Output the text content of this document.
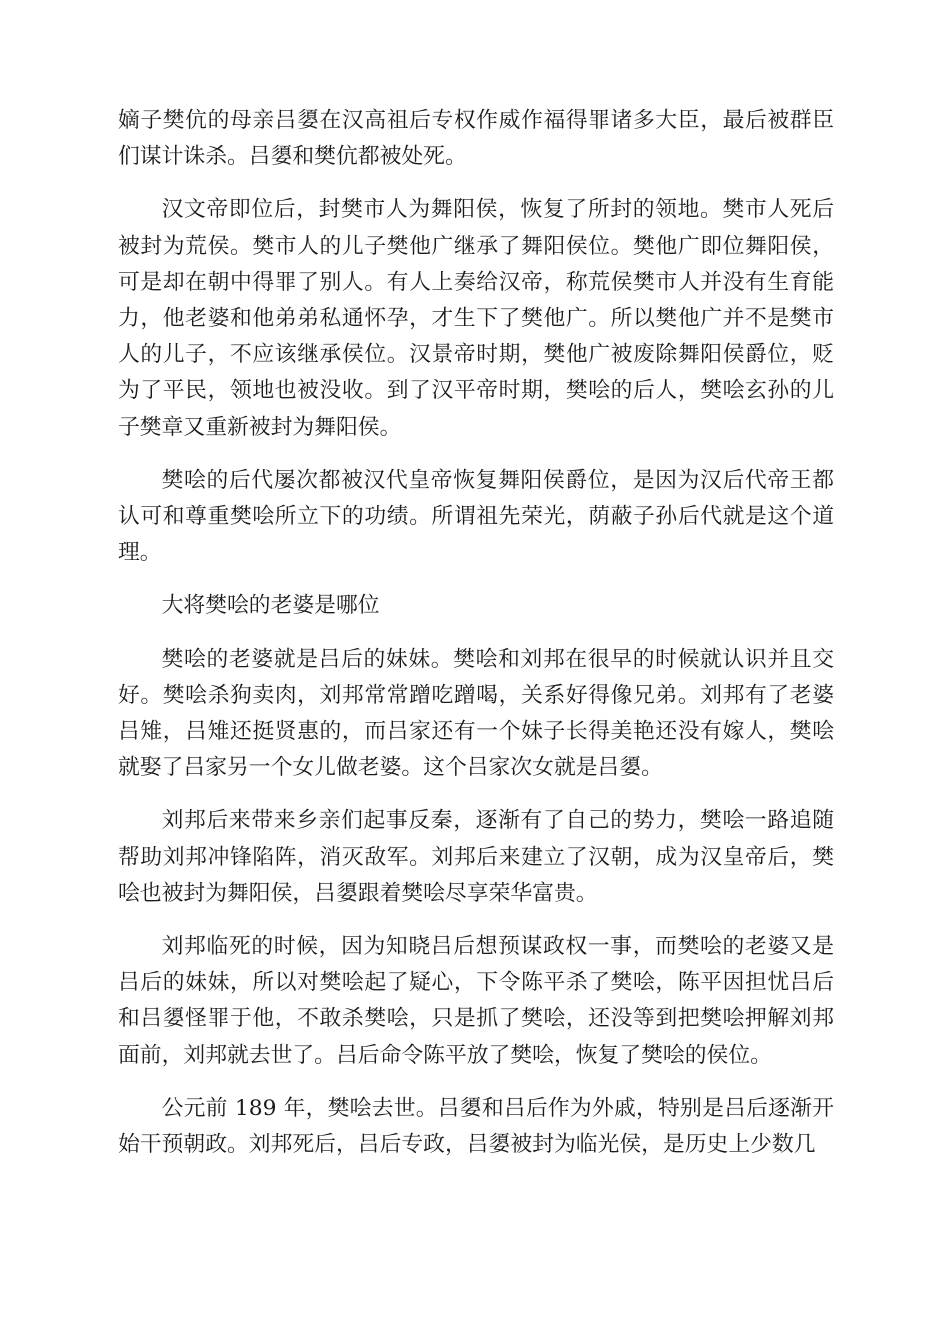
嫡子樊伉的母亲吕嬃在汉高祖后专权作威作福得罪诸多大臣，最后被群臣们谋计诛杀。吕嬃和樊伉都被处死。

汉文帝即位后，封樊市人为舞阳侯，恢复了所封的领地。樊市人死后被封为荒侯。樊市人的儿子樊他广继承了舞阳侯位。樊他广即位舞阳侯，可是却在朝中得罪了别人。有人上奏给汉帝，称荒侯樊市人并没有生育能力，他老婆和他弟弟私通怀孕，才生下了樊他广。所以樊他广并不是樊市人的儿子，不应该继承侯位。汉景帝时期，樊他广被废除舞阳侯爵位，贬为了平民，领地也被没收。到了汉平帝时期，樊哙的后人，樊哙玄孙的儿子樊章又重新被封为舞阳侯。

樊哙的后代屡次都被汉代皇帝恢复舞阳侯爵位，是因为汉后代帝王都认可和尊重樊哙所立下的功绩。所谓祖先荣光，荫蔽子孙后代就是这个道理。

大将樊哙的老婆是哪位

樊哙的老婆就是吕后的妹妹。樊哙和刘邦在很早的时候就认识并且交好。樊哙杀狗卖肉，刘邦常常蹭吃蹭喝，关系好得像兄弟。刘邦有了老婆吕雉，吕雉还挺贤惠的，而吕家还有一个妹子长得美艳还没有嫁人，樊哙就娶了吕家另一个女儿做老婆。这个吕家次女就是吕嬃。

刘邦后来带来乡亲们起事反秦，逐渐有了自己的势力，樊哙一路追随帮助刘邦冲锋陷阵，消灭敌军。刘邦后来建立了汉朝，成为汉皇帝后，樊哙也被封为舞阳侯，吕嬃跟着樊哙尽享荣华富贵。

刘邦临死的时候，因为知晓吕后想预谋政权一事，而樊哙的老婆又是吕后的妹妹，所以对樊哙起了疑心，下令陈平杀了樊哙，陈平因担忧吕后和吕嬃怪罪于他，不敢杀樊哙，只是抓了樊哙，还没等到把樊哙押解刘邦面前，刘邦就去世了。吕后命令陈平放了樊哙，恢复了樊哙的侯位。

公元前 189 年，樊哙去世。吕嬃和吕后作为外戚，特别是吕后逐渐开始干预朝政。刘邦死后，吕后专政，吕嬃被封为临光侯，是历史上少数几
